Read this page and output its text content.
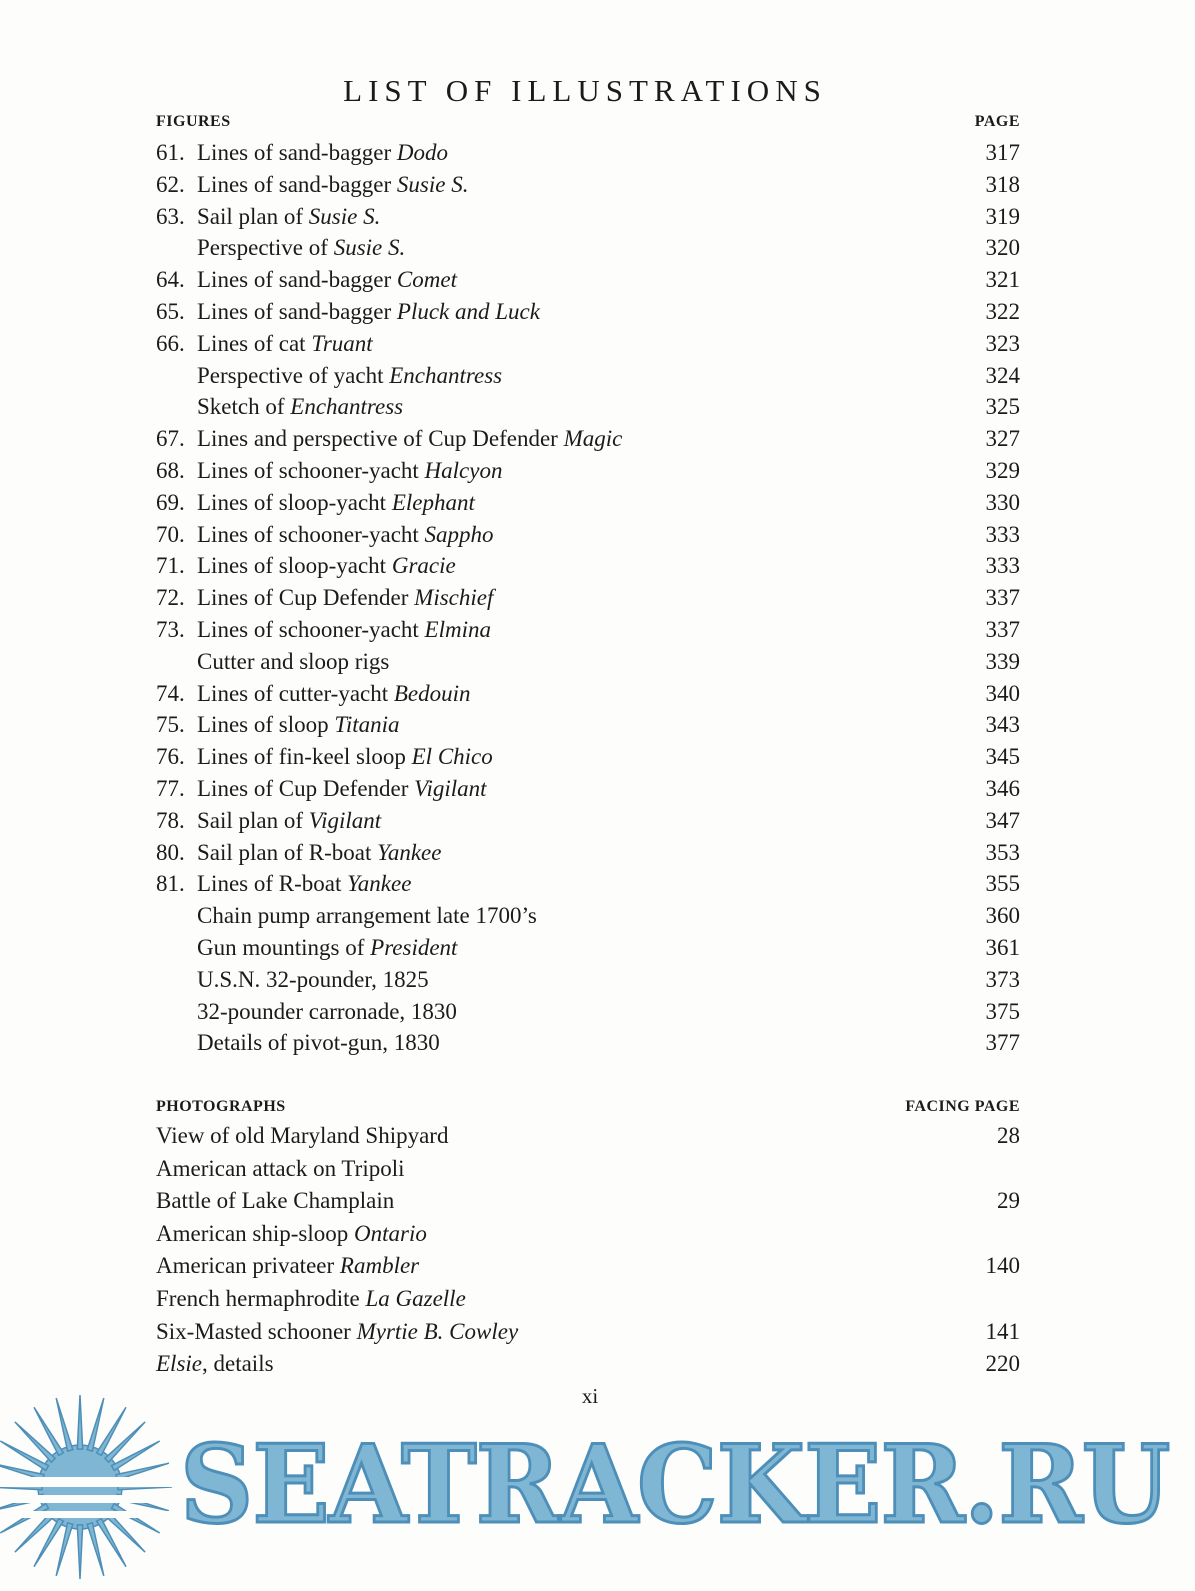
LIST OF ILLUSTRATIONS
FIGURES	PAGE
61. Lines of sand-bagger Dodo	317
62. Lines of sand-bagger Susie S.	318
63. Sail plan of Susie S.	319
Perspective of Susie S.	320
64. Lines of sand-bagger Comet	321
65. Lines of sand-bagger Pluck and Luck	322
66. Lines of cat Truant	323
Perspective of yacht Enchantress	324
Sketch of Enchantress	325
67. Lines and perspective of Cup Defender Magic	327
68. Lines of schooner-yacht Halcyon	329
69. Lines of sloop-yacht Elephant	330
70. Lines of schooner-yacht Sappho	333
71. Lines of sloop-yacht Gracie	333
72. Lines of Cup Defender Mischief	337
73. Lines of schooner-yacht Elmina	337
Cutter and sloop rigs	339
74. Lines of cutter-yacht Bedouin	340
75. Lines of sloop Titania	343
76. Lines of fin-keel sloop El Chico	345
77. Lines of Cup Defender Vigilant	346
78. Sail plan of Vigilant	347
80. Sail plan of R-boat Yankee	353
81. Lines of R-boat Yankee	355
Chain pump arrangement late 1700’s	360
Gun mountings of President	361
U.S.N. 32-pounder, 1825	373
32-pounder carronade, 1830	375
Details of pivot-gun, 1830	377
PHOTOGRAPHS	FACING PAGE
View of old Maryland Shipyard	28
American attack on Tripoli
Battle of Lake Champlain	29
American ship-sloop Ontario
American privateer Rambler	140
French hermaphrodite La Gazelle
Six-Masted schooner Myrtie B. Cowley	141
Elsie, details	220
xi
SEATRACKER.RU
